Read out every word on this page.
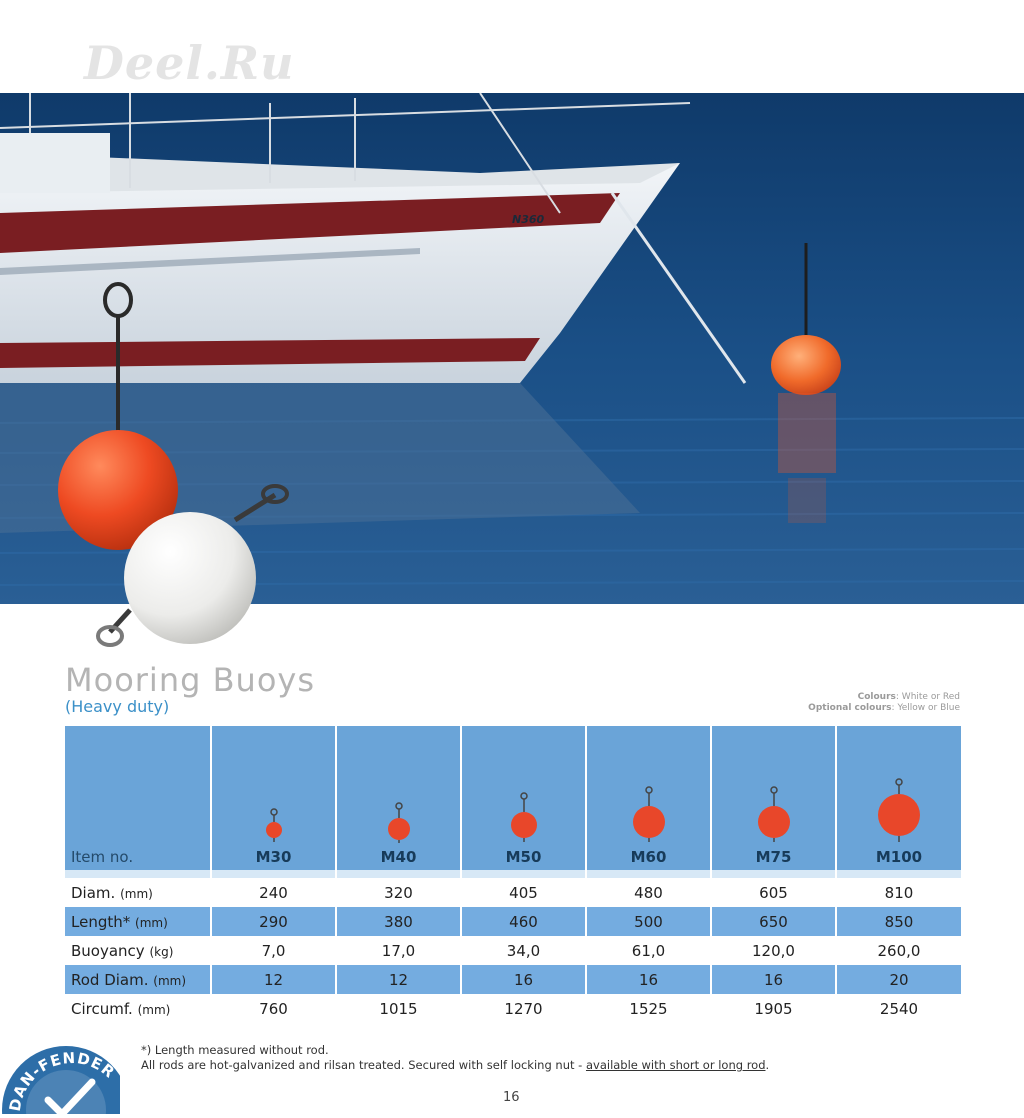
Deel.Ru
N360
Mooring Buoys
(Heavy duty)	Colours: White or Red
Optional colours: Yellow or Blue
Item no.	M30	M40	M50	M60	M75	M100

Diam. (mm)	240	320	405	480	605	810
Length* (mm)	290	380	460	500	650	850
Buoyancy (kg)	7,0	17,0	34,0	61,0	120,0	260,0
Rod Diam. (mm)	12	12	16	16	16	20
Circumf. (mm)	760	1015	1270	1525	1905	2540
DAN-FENDER
*) Length measured without rod.
All rods are hot-galvanized and rilsan treated. Secured with self locking nut - available with short or long rod.
16
